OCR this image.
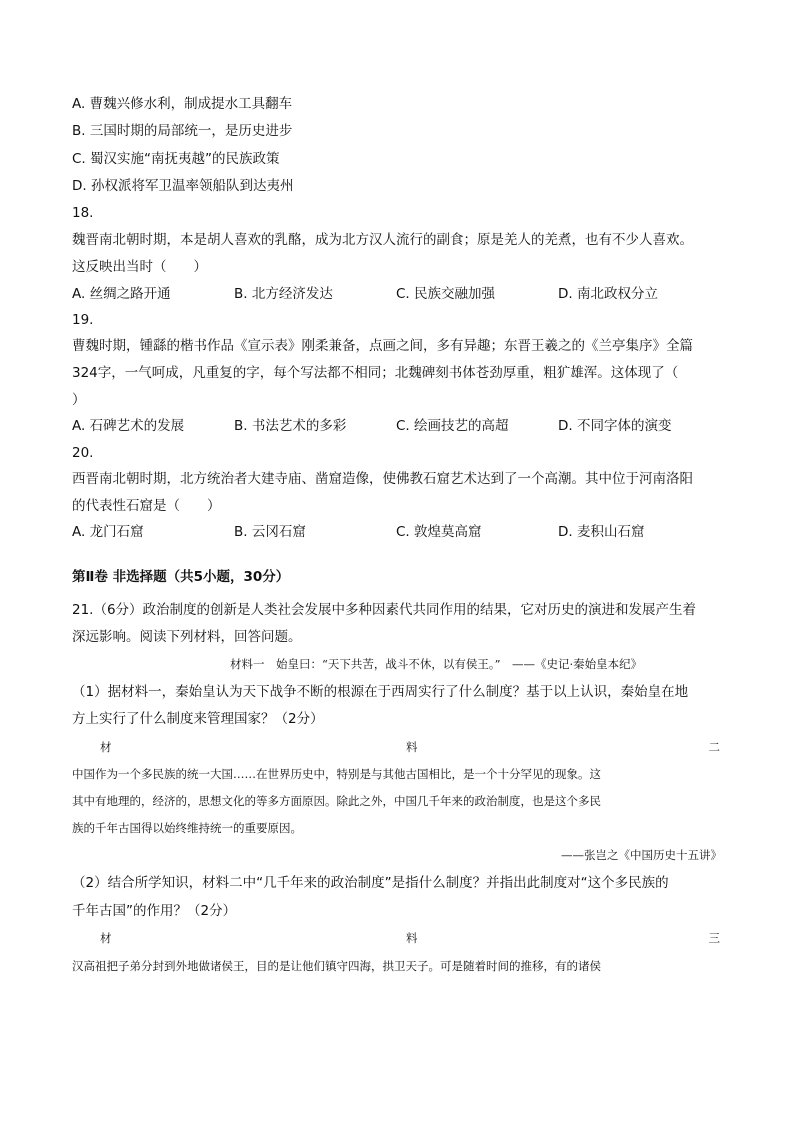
A. 曹魏兴修水利，制成提水工具翻车
B. 三国时期的局部统一，是历史进步
C. 蜀汉实施“南抚夷越”的民族政策
D. 孙权派将军卫温率领船队到达夷州
18.
魏晋南北朝时期，本是胡人喜欢的乳酪，成为北方汉人流行的副食；原是羌人的羌煮，也有不少人喜欢。
这反映出当时（　　）
A. 丝绸之路开通	B. 北方经济发达	C. 民族交融加强	D. 南北政权分立
19.
曹魏时期，锺繇的楷书作品《宣示表》刚柔兼备，点画之间，多有异趣；东晋王羲之的《兰亭集序》全篇
324字，一气呵成，凡重复的字，每个写法都不相同；北魏碑刻书体苍劲厚重，粗犷雄浑。这体现了（
）
A. 石碑艺术的发展	B. 书法艺术的多彩	C. 绘画技艺的高超	D. 不同字体的演变
20.
西晋南北朝时期，北方统治者大建寺庙、凿窟造像，使佛教石窟艺术达到了一个高潮。其中位于河南洛阳
的代表性石窟是（　　）
A. 龙门石窟	B. 云冈石窟	C. 敦煌莫高窟	D. 麦积山石窟
第Ⅱ卷 非选择题（共5小题，30分）
21.（6分）政治制度的创新是人类社会发展中多种因素代共同作用的结果，它对历史的演进和发展产生着
深远影响。阅读下列材料，回答问题。
材料一　始皇曰：“天下共苦，战斗不休，以有侯王。”　——《史记·秦始皇本纪》
（1）据材料一，秦始皇认为天下战争不断的根源在于西周实行了什么制度？基于以上认识，秦始皇在地
方上实行了什么制度来管理国家？（2分）
材	料	二
中国作为一个多民族的统一大国……在世界历史中，特别是与其他古国相比，是一个十分罕见的现象。这
其中有地理的，经济的，思想文化的等多方面原因。除此之外，中国几千年来的政治制度，也是这个多民
族的千年古国得以始终维持统一的重要原因。
——张岂之《中国历史十五讲》
（2）结合所学知识，材料二中“几千年来的政治制度”是指什么制度？并指出此制度对“这个多民族的
千年古国”的作用？（2分）
材	料	三
汉高祖把子弟分封到外地做诸侯王，目的是让他们镇守四海，拱卫天子。可是随着时间的推移，有的诸侯
